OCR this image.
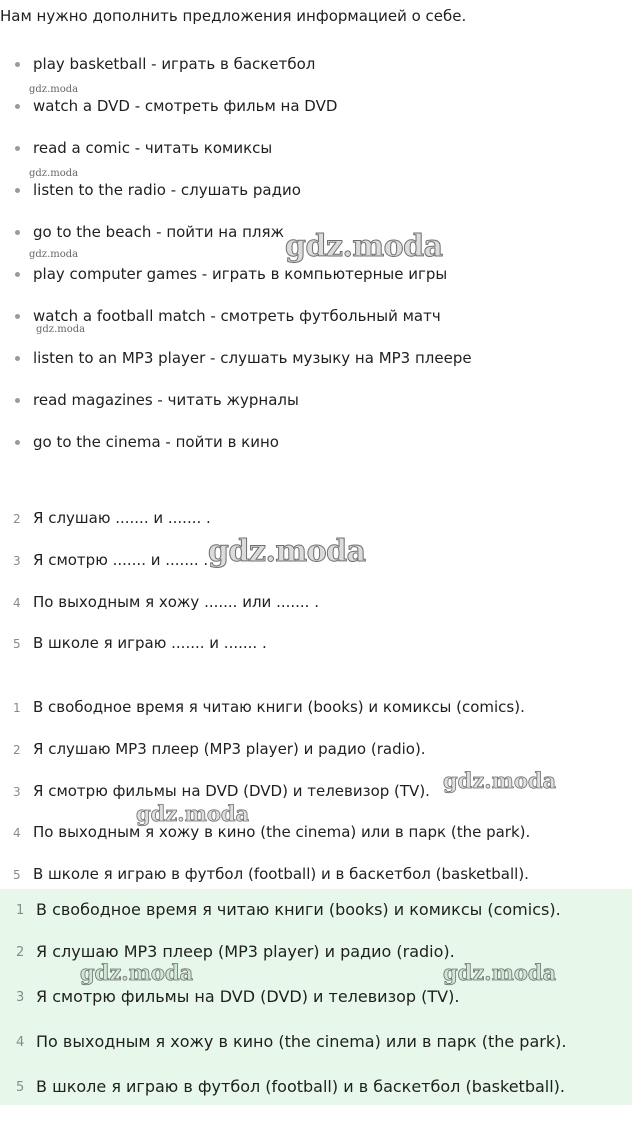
Нам нужно дополнить предложения информацией о себе.
play basketball - играть в баскетбол
watch a DVD - смотреть фильм на DVD
read a comic - читать комиксы
listen to the radio - слушать радио
go to the beach - пойти на пляж
play computer games - играть в компьютерные игры
watch a football match - смотреть футбольный матч
listen to an MP3 player - слушать музыку на MP3 плеере
read magazines - читать журналы
go to the cinema - пойти в кино
2 Я слушаю ....... и ....... .
3 Я смотрю ....... и ....... .
4 По выходным я хожу ....... или ....... .
5 В школе я играю ....... и ....... .
1 В свободное время я читаю книги (books) и комиксы (comics).
2 Я слушаю MP3 плеер (MP3 player) и радио (radio).
3 Я смотрю фильмы на DVD (DVD) и телевизор (TV).
4 По выходным я хожу в кино (the cinema) или в парк (the park).
5 В школе я играю в футбол (football) и в баскетбол (basketball).
1 В свободное время я читаю книги (books) и комиксы (comics).
2 Я слушаю MP3 плеер (MP3 player) и радио (radio).
3 Я смотрю фильмы на DVD (DVD) и телевизор (TV).
4 По выходным я хожу в кино (the cinema) или в парк (the park).
5 В школе я играю в футбол (football) и в баскетбол (basketball).
gdz.moda
gdz.moda
gdz.moda
gdz.moda
gdz.moda
gdz.moda
gdz.moda
gdz.moda
gdz.moda	gdz.moda
